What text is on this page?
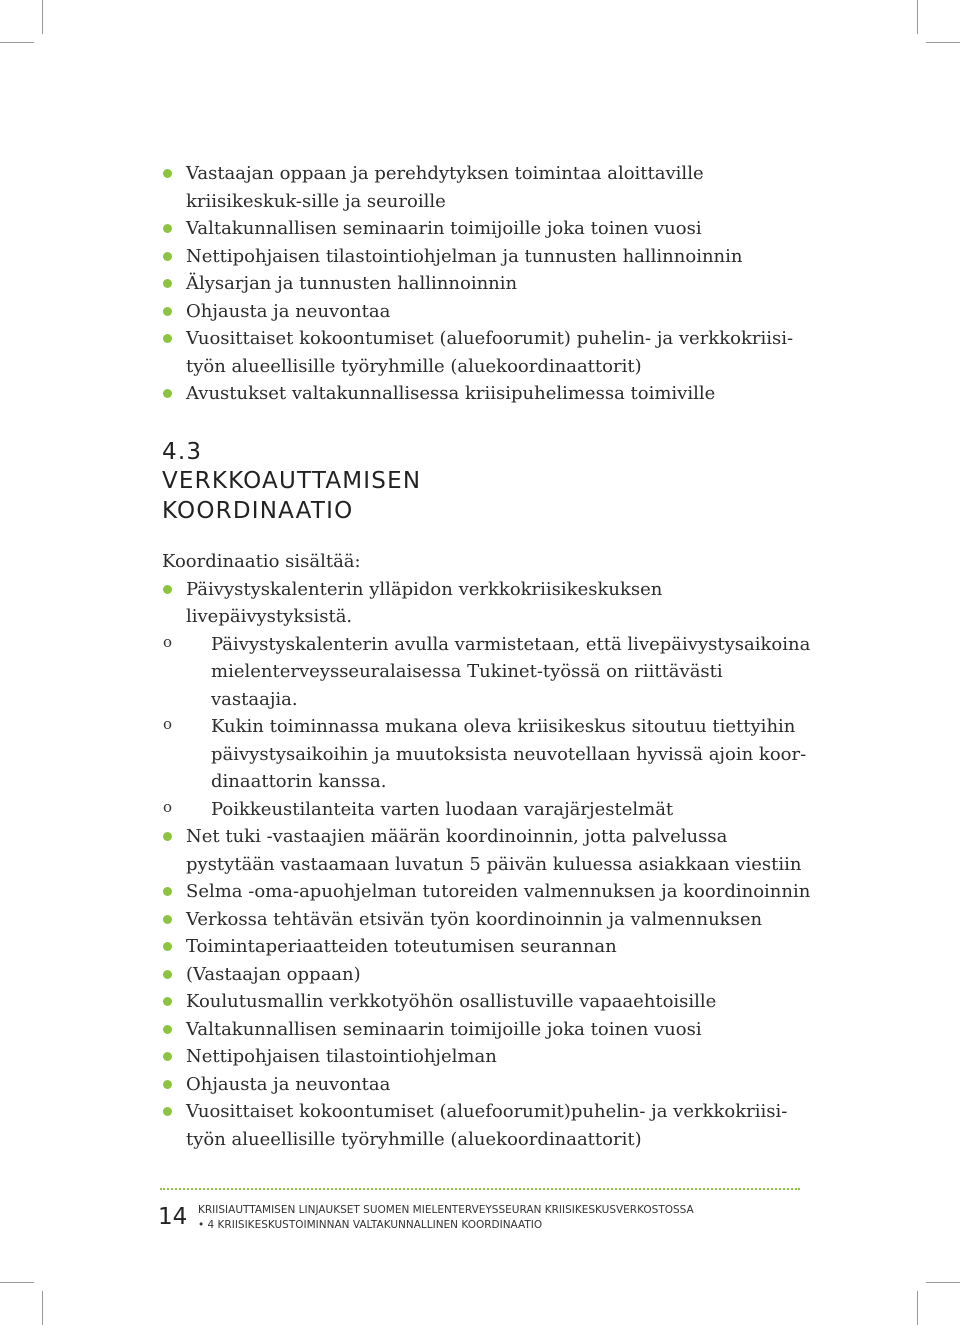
Vastaajan oppaan ja perehdytyksen toimintaa aloittaville kriisikeskuk-sille ja seuroille
Valtakunnallisen seminaarin toimijoille joka toinen vuosi
Nettipohjaisen tilastointiohjelman ja tunnusten hallinnoinnin
Älysarjan ja tunnusten hallinnoinnin
Ohjausta ja neuvontaa
Vuosittaiset kokoontumiset (aluefoorumit) puhelin- ja verkkokriisi-työn alueellisille työryhmille (aluekoordinaattorit)
Avustukset valtakunnallisessa kriisipuhelimessa toimiville
4.3
VERKKOAUTTAMISEN
KOORDINAATIO
Koordinaatio sisältää:
Päivystyskalenterin ylläpidon verkkokriisikeskuksen livepäivystyksistä.
o Päivystyskalenterin avulla varmistetaan, että livepäivystysaikoina mielenterveysseuralaisessa Tukinet-työssä on riittävästi vastaajia.
o Kukin toiminnassa mukana oleva kriisikeskus sitoutuu tiettyihin päivystysaikoihin ja muutoksista neuvotellaan hyvissä ajoin koor-dinaattorin kanssa.
o Poikkeustilanteita varten luodaan varajärjestelmät
Net tuki -vastaajien määrän koordinoinnin, jotta palvelussa pystytään vastaamaan luvatun 5 päivän kuluessa asiakkaan viestiin
Selma -oma-apuohjelman tutoreiden valmennuksen ja koordinoinnin
Verkossa tehtävän etsivän työn koordinoinnin ja valmennuksen
Toimintaperiaatteiden toteutumisen seurannan
(Vastaajan oppaan)
Koulutusmallin verkkotyöhön osallistuville vapaaehtoisille
Valtakunnallisen seminaarin toimijoille joka toinen vuosi
Nettipohjaisen tilastointiohjelman
Ohjausta ja neuvontaa
Vuosittaiset kokoontumiset (aluefoorumit)puhelin- ja verkkokriisi-työn alueellisille työryhmille (aluekoordinaattorit)
14 KRIISIAUTTAMISEN LINJAUKSET SUOMEN MIELENTERVEYSSEURAN KRIISIKESKUSVERKOSTOSSA
• 4 KRIISIKESKUSTOIMINNAN VALTAKUNNALLINEN KOORDINAATIO
